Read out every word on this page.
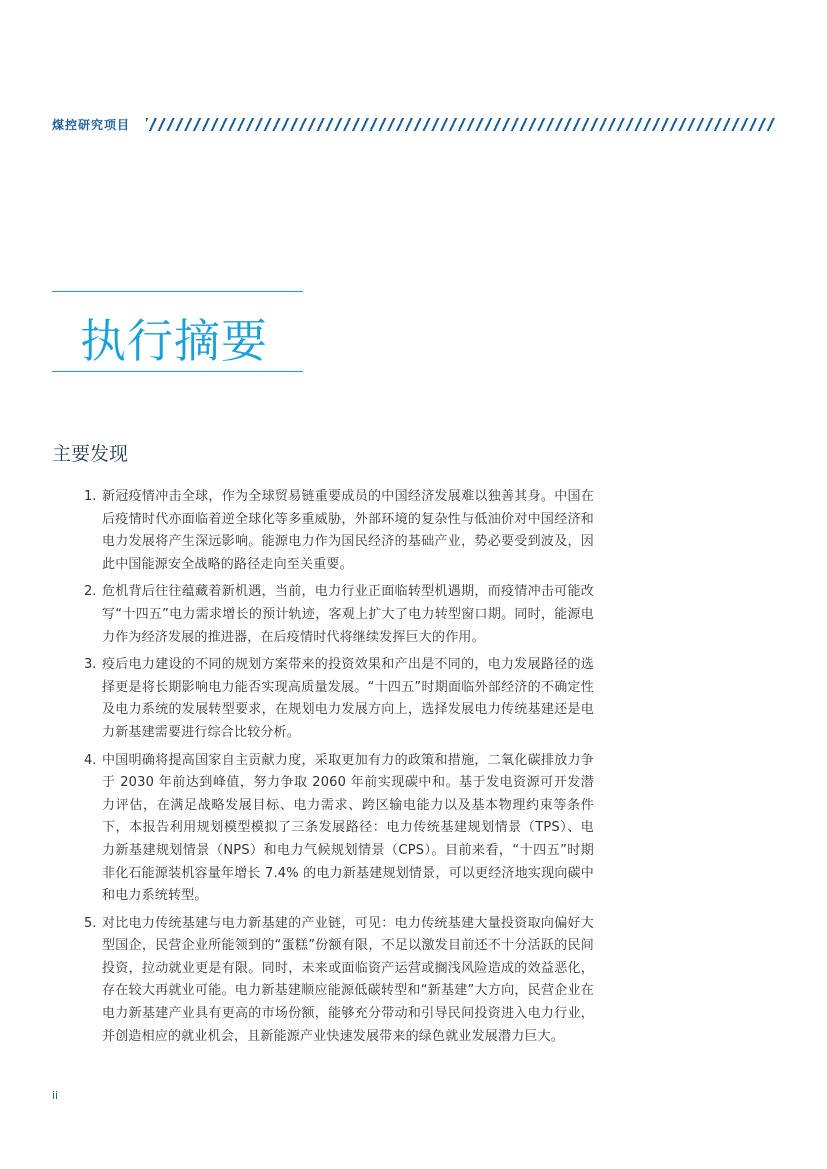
煤控研究项目
执行摘要
主要发现
1. 新冠疫情冲击全球，作为全球贸易链重要成员的中国经济发展难以独善其身。中国在后疫情时代亦面临着逆全球化等多重威胁，外部环境的复杂性与低油价对中国经济和电力发展将产生深远影响。能源电力作为国民经济的基础产业，势必要受到波及，因此中国能源安全战略的路径走向至关重要。
2. 危机背后往往蕴藏着新机遇，当前，电力行业正面临转型机遇期，而疫情冲击可能改写“十四五”电力需求增长的预计轨迹，客观上扩大了电力转型窗口期。同时，能源电力作为经济发展的推进器，在后疫情时代将继续发挥巨大的作用。
3. 疫后电力建设的不同的规划方案带来的投资效果和产出是不同的，电力发展路径的选择更是将长期影响电力能否实现高质量发展。“十四五”时期面临外部经济的不确定性及电力系统的发展转型要求，在规划电力发展方向上，选择发展电力传统基建还是电力新基建需要进行综合比较分析。
4. 中国明确将提高国家自主贡献力度，采取更加有力的政策和措施，二氧化碳排放力争于 2030 年前达到峰值，努力争取 2060 年前实现碳中和。基于发电资源可开发潜力评估，在满足战略发展目标、电力需求、跨区输电能力以及基本物理约束等条件下，本报告利用规划模型模拟了三条发展路径：电力传统基建规划情景（TPS）、电力新基建规划情景（NPS）和电力气候规划情景（CPS）。目前来看，“十四五”时期非化石能源装机容量年增长 7.4% 的电力新基建规划情景，可以更经济地实现向碳中和电力系统转型。
5. 对比电力传统基建与电力新基建的产业链，可见：电力传统基建大量投资取向偏好大型国企，民营企业所能领到的“蛋糕”份额有限，不足以激发目前还不十分活跃的民间投资，拉动就业更是有限。同时，未来或面临资产运营或搁浅风险造成的效益恶化，存在较大再就业可能。电力新基建顺应能源低碳转型和“新基建”大方向，民营企业在电力新基建产业具有更高的市场份额，能够充分带动和引导民间投资进入电力行业，并创造相应的就业机会，且新能源产业快速发展带来的绿色就业发展潜力巨大。
ii
